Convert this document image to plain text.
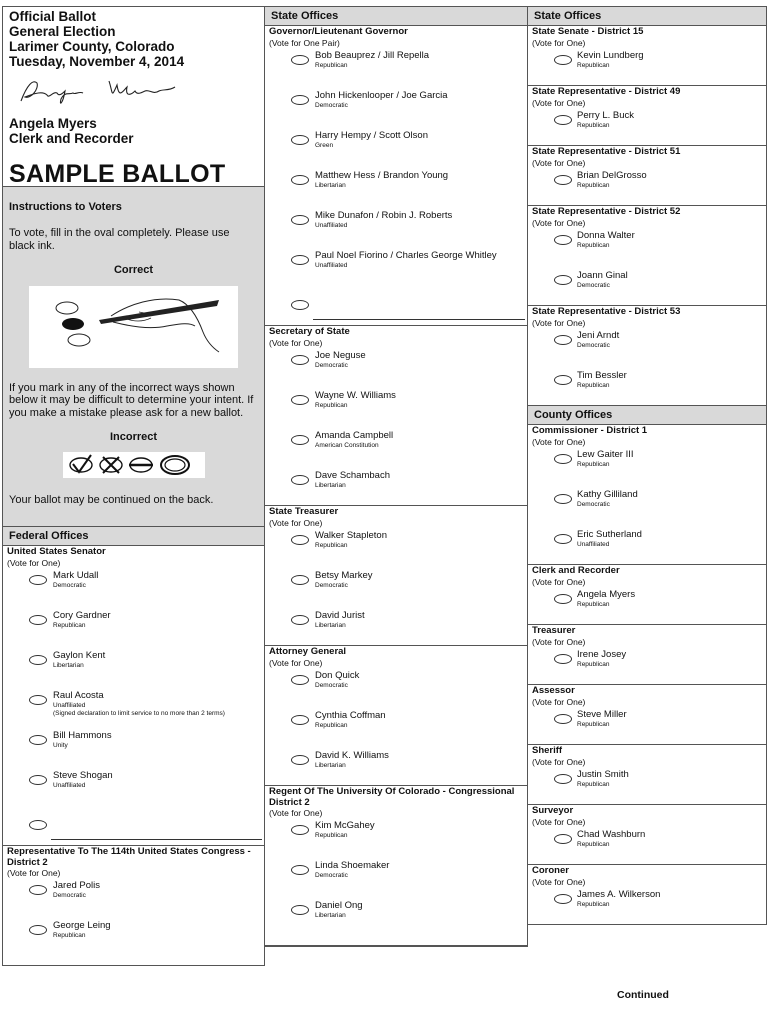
Official Ballot
General Election
Larimer County, Colorado
Tuesday, November 4, 2014
Angela Myers
Clerk and Recorder
SAMPLE BALLOT
Instructions to Voters

To vote, fill in the oval completely. Please use black ink.

Correct

If you mark in any of the incorrect ways shown below it may be difficult to determine your intent. If you make a mistake please ask for a new ballot.

Incorrect

Your ballot may be continued on the back.

Federal Offices
United States Senator
(Vote for One)
Mark Udall
Democratic
Cory Gardner
Republican
Gaylon Kent
Libertarian
Raul Acosta
Unaffiliated
(Signed declaration to limit service to no more than 2 terms)
Bill Hammons
Unity
Steve Shogan
Unaffiliated
Representative To The 114th United States Congress - District 2
(Vote for One)
Jared Polis
Democratic
George Leing
Republican
State Offices
Governor/Lieutenant Governor
(Vote for One Pair)
Bob Beauprez / Jill Repella
Republican
John Hickenlooper / Joe Garcia
Democratic
Harry Hempy / Scott Olson
Green
Matthew Hess / Brandon Young
Libertarian
Mike Dunafon / Robin J. Roberts
Unaffiliated
Paul Noel Fiorino / Charles George Whitley
Unaffiliated
Secretary of State
(Vote for One)
Joe Neguse
Democratic
Wayne W. Williams
Republican
Amanda Campbell
American Constitution
Dave Schambach
Libertarian
State Treasurer
(Vote for One)
Walker Stapleton
Republican
Betsy Markey
Democratic
David Jurist
Libertarian
Attorney General
(Vote for One)
Don Quick
Democratic
Cynthia Coffman
Republican
David K. Williams
Libertarian
Regent Of The University Of Colorado - Congressional District 2
(Vote for One)
Kim McGahey
Republican
Linda Shoemaker
Democratic
Daniel Ong
Libertarian
State Offices
State Senate - District 15
(Vote for One)
Kevin Lundberg
Republican
State Representative - District 49
(Vote for One)
Perry L. Buck
Republican
State Representative - District 51
(Vote for One)
Brian DelGrosso
Republican
State Representative - District 52
(Vote for One)
Donna Walter
Republican
Joann Ginal
Democratic
State Representative - District 53
(Vote for One)
Jeni Arndt
Democratic
Tim Bessler
Republican
County Offices
Commissioner - District 1
(Vote for One)
Lew Gaiter III
Republican
Kathy Gilliland
Democratic
Eric Sutherland
Unaffiliated
Clerk and Recorder
(Vote for One)
Angela Myers
Republican
Treasurer
(Vote for One)
Irene Josey
Republican
Assessor
(Vote for One)
Steve Miller
Republican
Sheriff
(Vote for One)
Justin Smith
Republican
Surveyor
(Vote for One)
Chad Washburn
Republican
Coroner
(Vote for One)
James A. Wilkerson
Republican
Continued
